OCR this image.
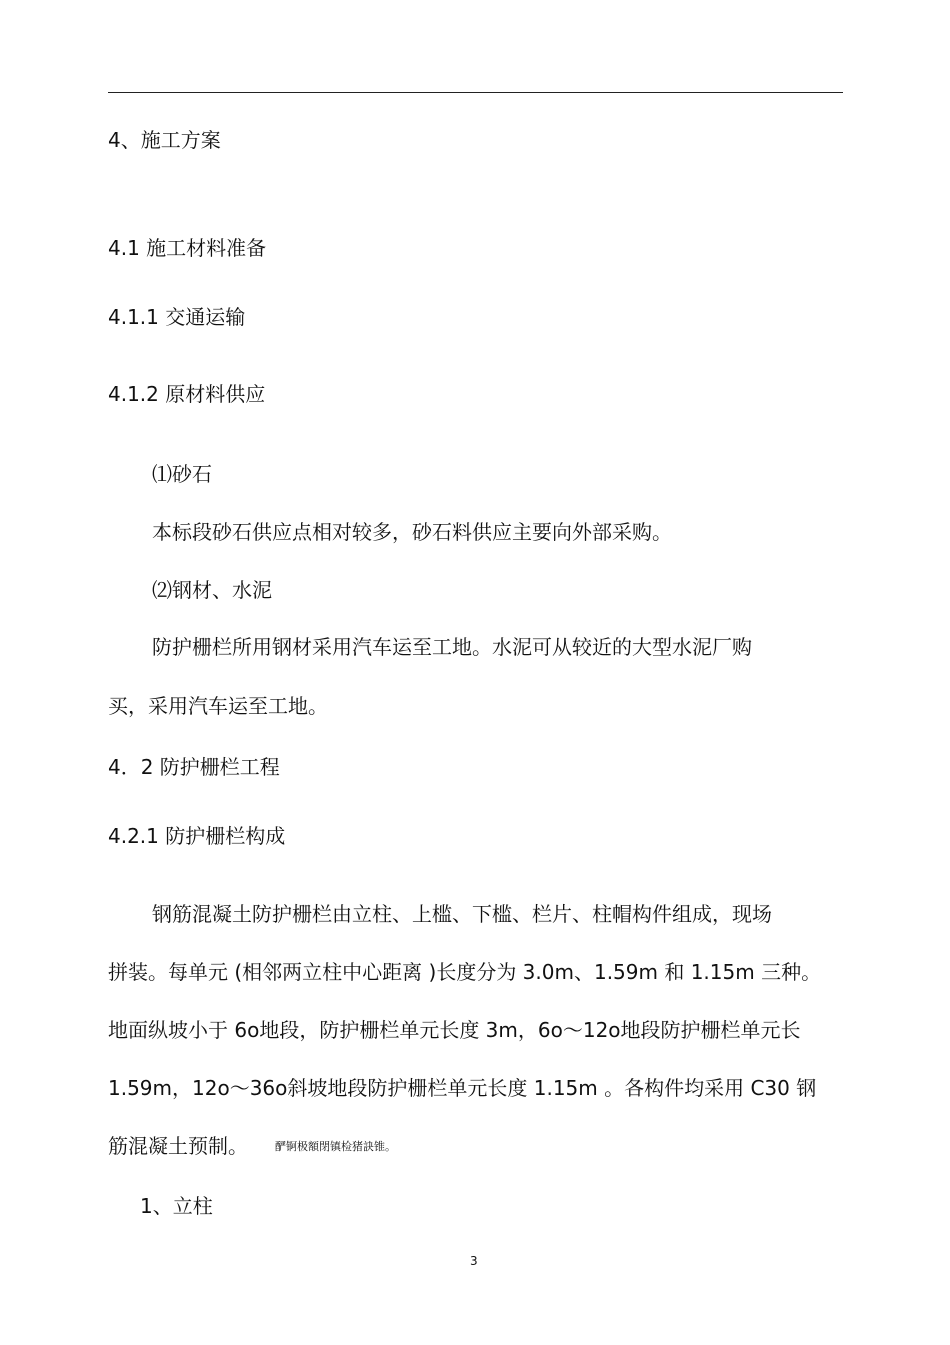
4、施工方案
4.1 施工材料准备
4.1.1 交通运输
4.1.2 原材料供应
⑴砂石
本标段砂石供应点相对较多，砂石料供应主要向外部采购。
⑵钢材、水泥
防护栅栏所用钢材采用汽车运至工地。水泥可从较近的大型水泥厂购
买，采用汽车运至工地。
4．2 防护栅栏工程
4.2.1 防护栅栏构成
钢筋混凝土防护栅栏由立柱、上槛、下槛、栏片、柱帽构件组成，现场
拼装。每单元 (相邻两立柱中心距离 )长度分为 3.0m、1.59m 和 1.15m 三种。
地面纵坡小于 6o地段，防护栅栏单元长度 3m，6o～12o地段防护栅栏单元长
1.59m，12o～36o斜坡地段防护栅栏单元长度 1.15m 。各构件均采用 C30 钢
筋混凝土预制。 酽锕极額閉镇检猪訣锥。
1、立柱
3
